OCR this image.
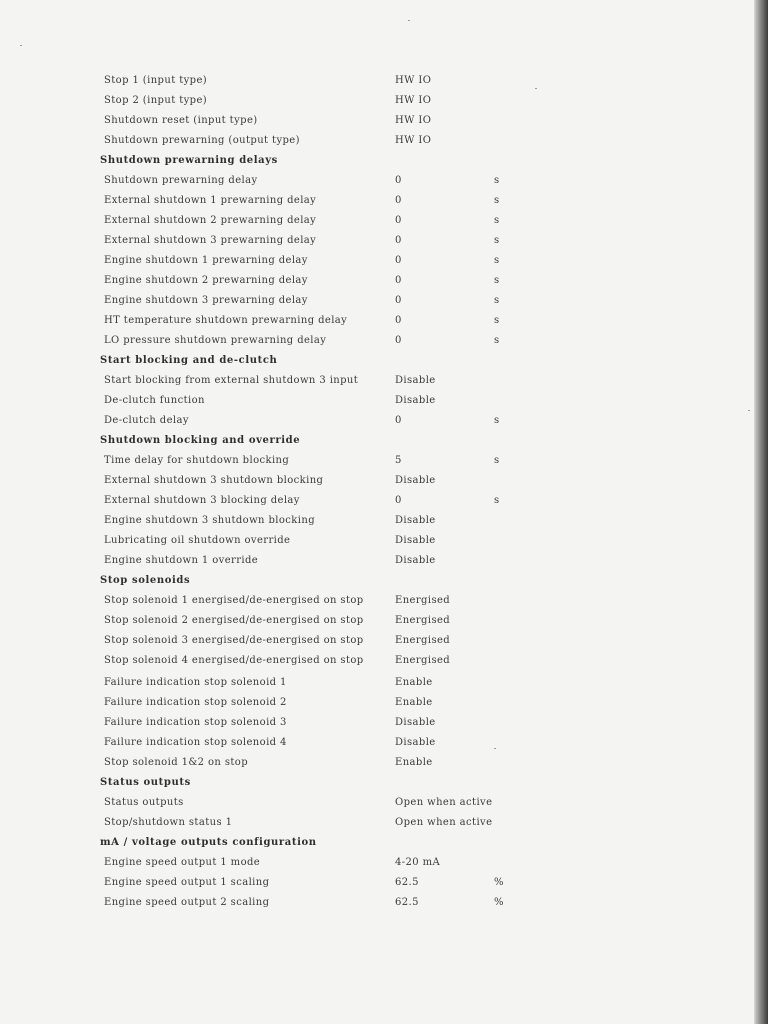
Stop 1 (input type)	HW IO
Stop 2 (input type)	HW IO
Shutdown reset (input type)	HW IO
Shutdown prewarning (output type)	HW IO
Shutdown prewarning delays
Shutdown prewarning delay	0	s
External shutdown 1 prewarning delay	0	s
External shutdown 2 prewarning delay	0	s
External shutdown 3 prewarning delay	0	s
Engine shutdown 1 prewarning delay	0	s
Engine shutdown 2 prewarning delay	0	s
Engine shutdown 3 prewarning delay	0	s
HT temperature shutdown prewarning delay	0	s
LO pressure shutdown prewarning delay	0	s
Start blocking and de-clutch
Start blocking from external shutdown 3 input	Disable
De-clutch function	Disable
De-clutch delay	0	s
Shutdown blocking and override
Time delay for shutdown blocking	5	s
External shutdown 3 shutdown blocking	Disable
External shutdown 3 blocking delay	0	s
Engine shutdown 3 shutdown blocking	Disable
Lubricating oil shutdown override	Disable
Engine shutdown 1 override	Disable
Stop solenoids
Stop solenoid 1 energised/de-energised on stop	Energised
Stop solenoid 2 energised/de-energised on stop	Energised
Stop solenoid 3 energised/de-energised on stop	Energised
Stop solenoid 4 energised/de-energised on stop	Energised
Failure indication stop solenoid 1	Enable
Failure indication stop solenoid 2	Enable
Failure indication stop solenoid 3	Disable
Failure indication stop solenoid 4	Disable
Stop solenoid 1&2 on stop	Enable
Status outputs
Status outputs	Open when active
Stop/shutdown status 1	Open when active
mA / voltage outputs configuration
Engine speed output 1 mode	4-20 mA
Engine speed output 1 scaling	62.5	%
Engine speed output 2 scaling	62.5	%
